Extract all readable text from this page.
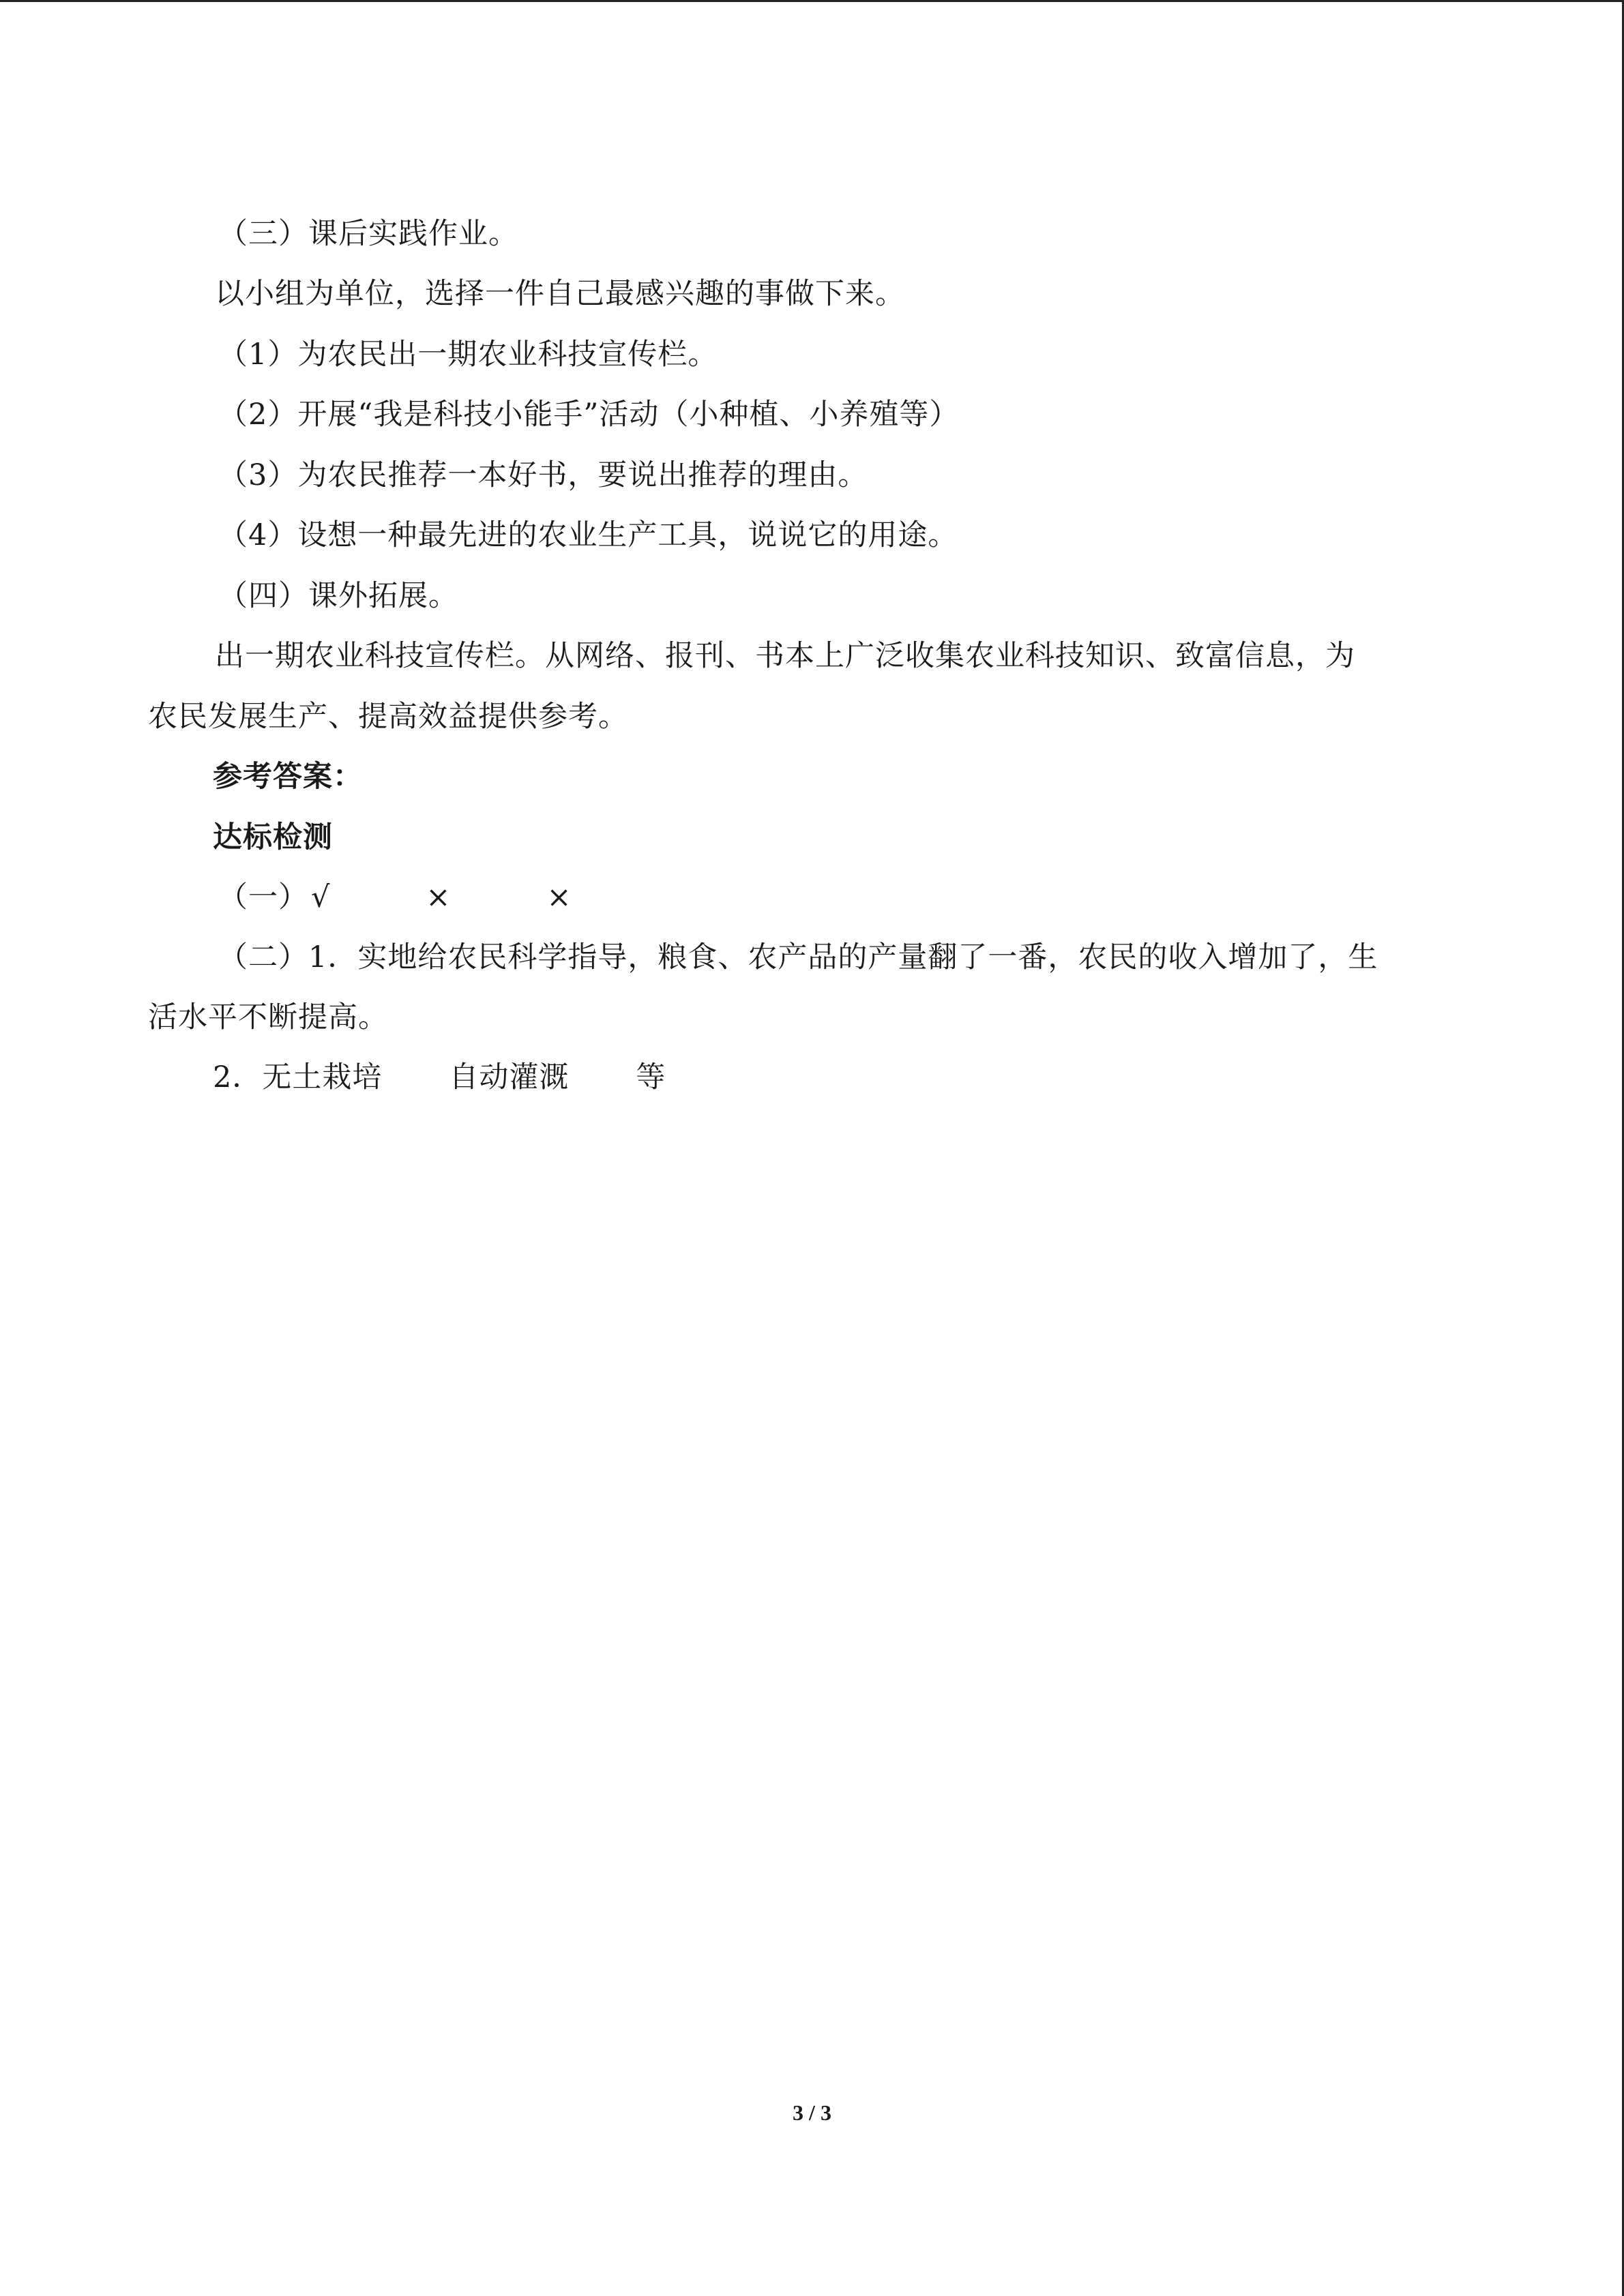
（三）课后实践作业。
以小组为单位，选择一件自己最感兴趣的事做下来。
（1）为农民出一期农业科技宣传栏。
（2）开展“我是科技小能手”活动（小种植、小养殖等）
（3）为农民推荐一本好书，要说出推荐的理由。
（4）设想一种最先进的农业生产工具，说说它的用途。
（四）课外拓展。
出一期农业科技宣传栏。从网络、报刊、书本上广泛收集农业科技知识、致富信息，为
农民发展生产、提高效益提供参考。
参考答案：
达标检测
（一）√	×	×
（二）1．实地给农民科学指导，粮食、农产品的产量翻了一番，农民的收入增加了，生
活水平不断提高。
2．无土栽培 自动灌溉 等
3 / 3
